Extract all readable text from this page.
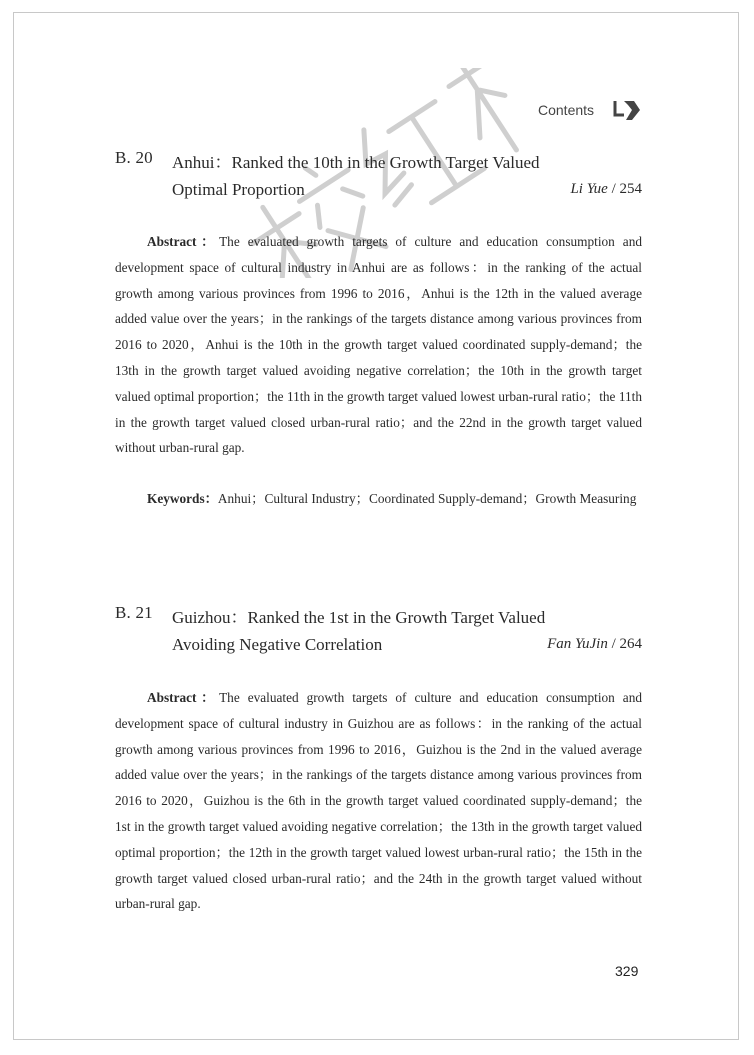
Contents
B. 20 Anhui：Ranked the 10th in the Growth Target Valued
Optimal Proportion	Li Yue / 254

Abstract：The evaluated growth targets of culture and education consumption and development space of cultural industry in Anhui are as follows：in the ranking of the actual growth among various provinces from 1996 to 2016，Anhui is the 12th in the valued average added value over the years；in the rankings of the targets distance among various provinces from 2016 to 2020，Anhui is the 10th in the growth target valued coordinated supply-demand；the 13th in the growth target valued avoiding negative correlation；the 10th in the growth target valued optimal proportion；the 11th in the growth target valued lowest urban-rural ratio；the 11th in the growth target valued closed urban-rural ratio；and the 22nd in the growth target valued without urban-rural gap.

Keywords：Anhui；Cultural Industry；Coordinated Supply-demand；Growth Measuring

B. 21 Guizhou：Ranked the 1st in the Growth Target Valued
Avoiding Negative Correlation	Fan YuJin / 264

Abstract：The evaluated growth targets of culture and education consumption and development space of cultural industry in Guizhou are as follows：in the ranking of the actual growth among various provinces from 1996 to 2016，Guizhou is the 2nd in the valued average added value over the years；in the rankings of the targets distance among various provinces from 2016 to 2020，Guizhou is the 6th in the growth target valued coordinated supply-demand；the 1st in the growth target valued avoiding negative correlation；the 13th in the growth target valued optimal proportion；the 12th in the growth target valued lowest urban-rural ratio；the 15th in the growth target valued closed urban-rural ratio；and the 24th in the growth target valued without urban-rural gap.

329
